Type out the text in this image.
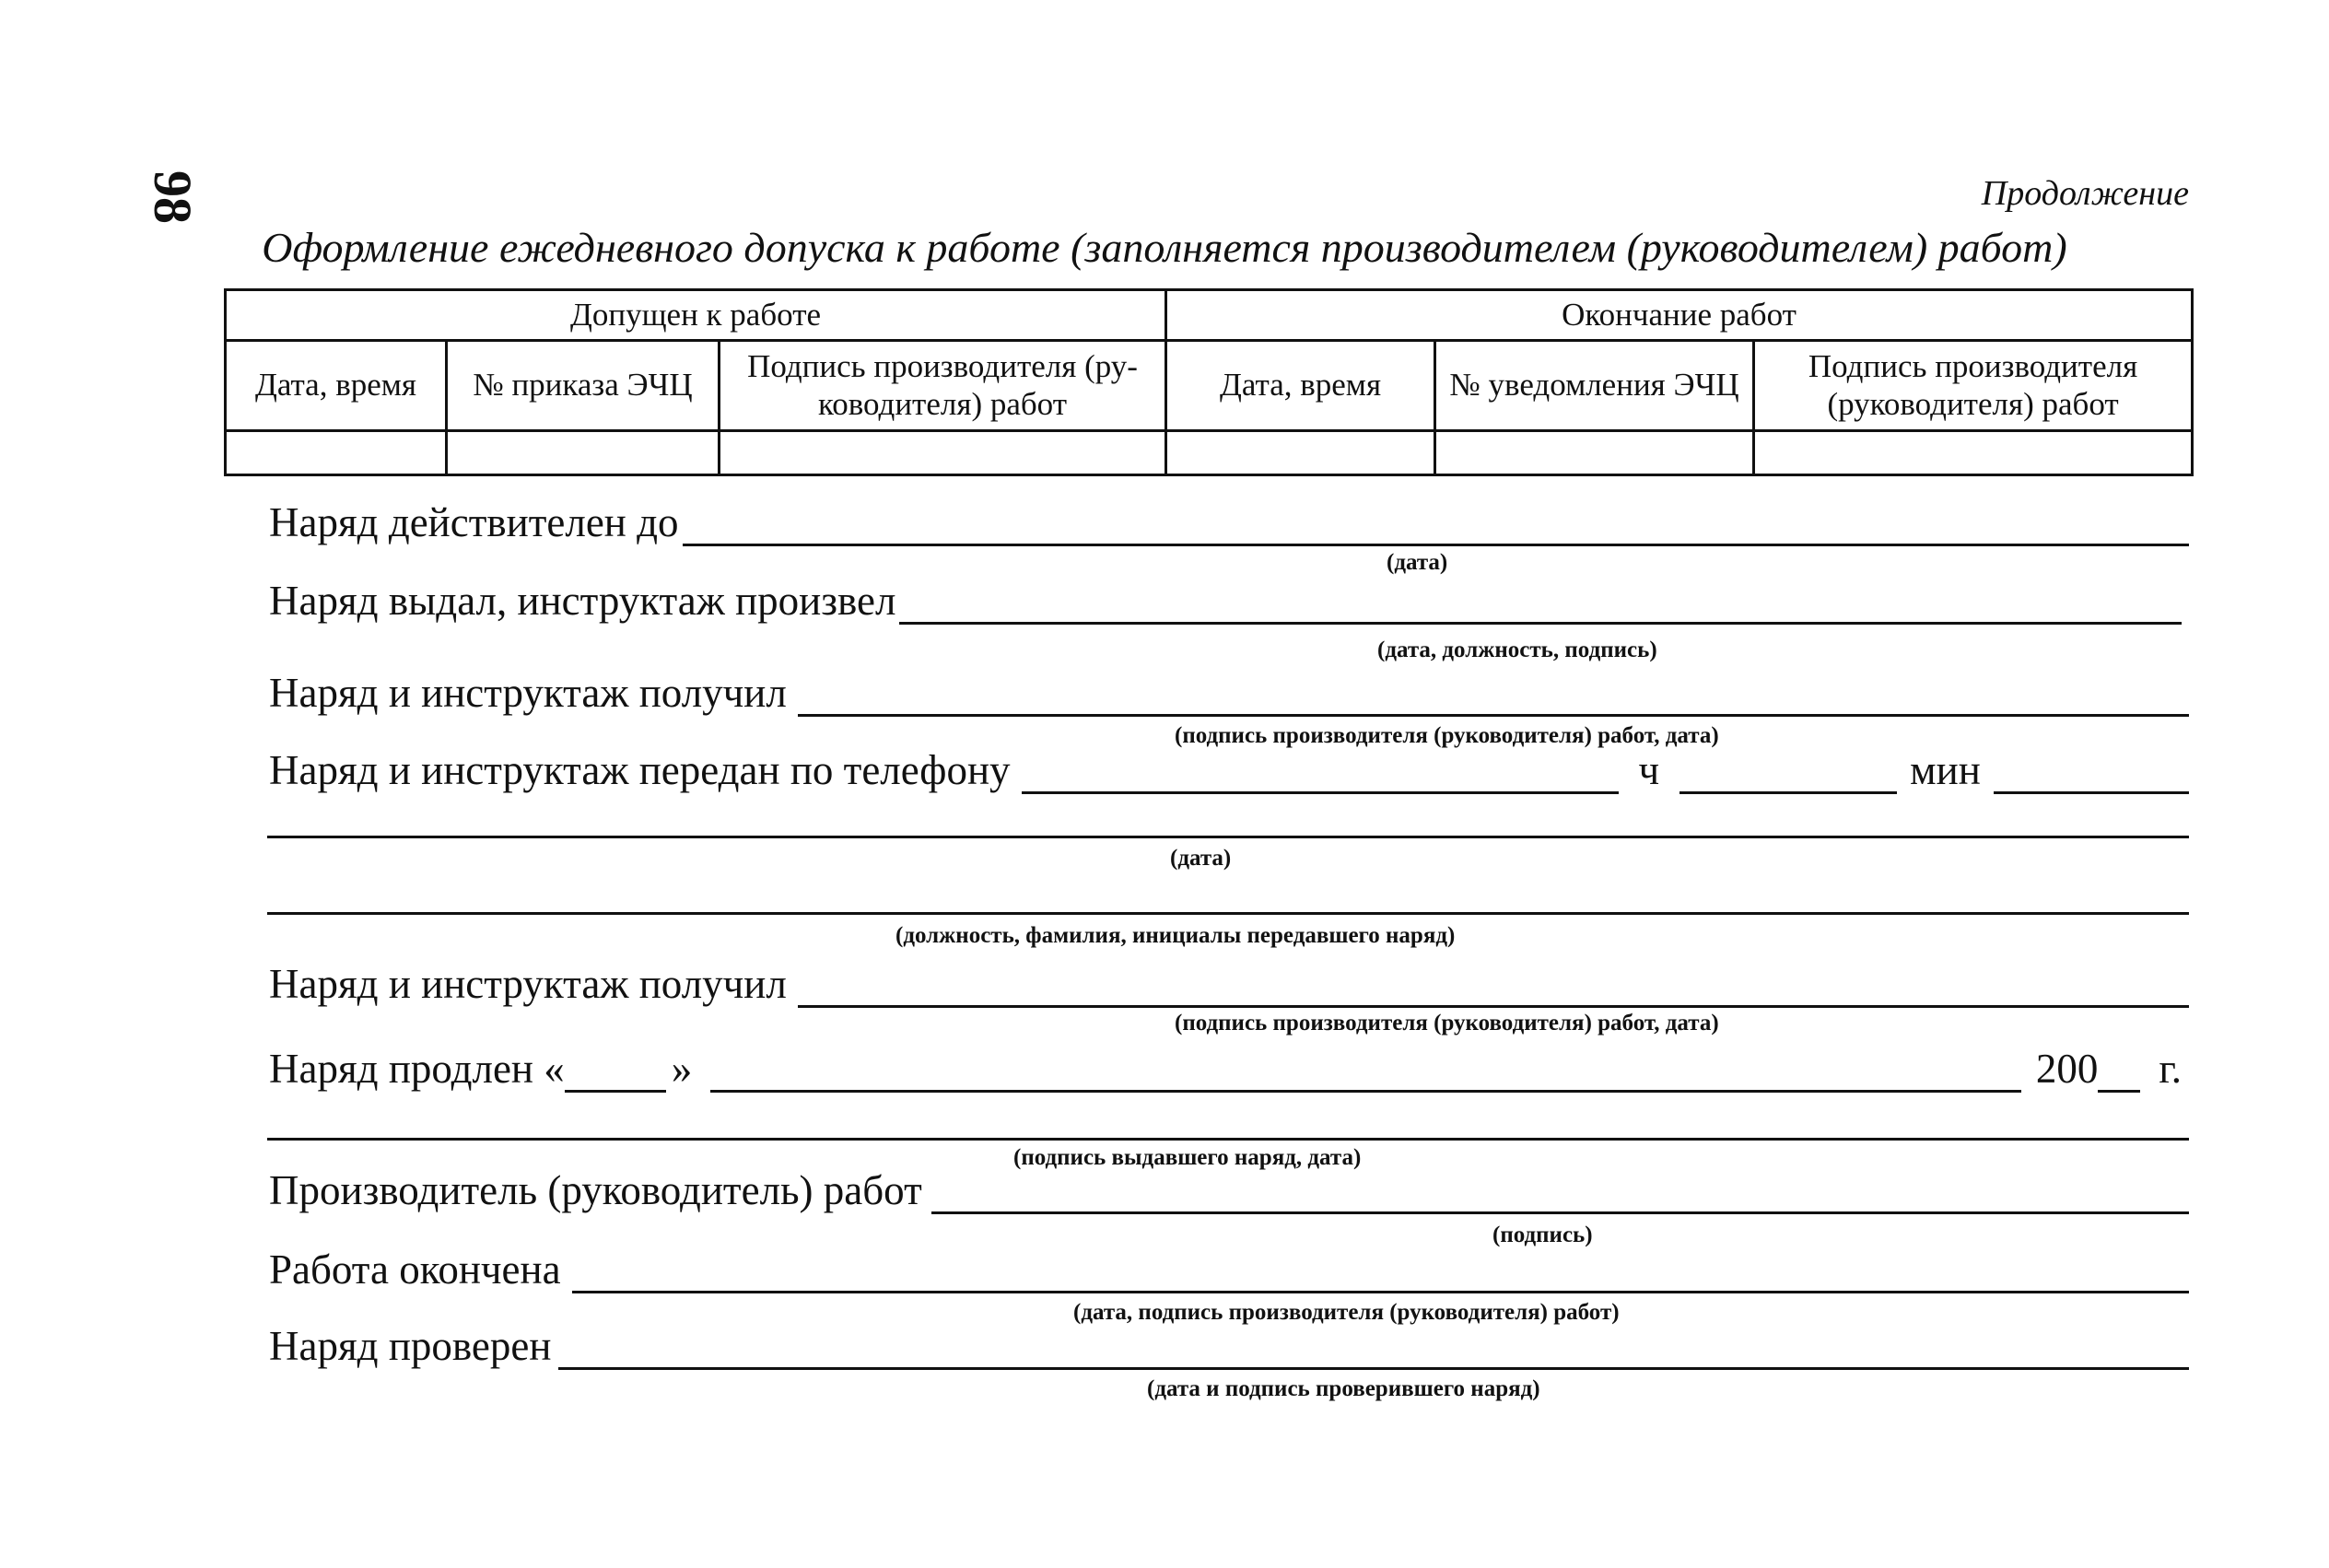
98	Продолжение
Оформление ежедневного допуска к работе (заполняется производителем (руководителем) работ)
Допущен к работе			Окончание работ		
Дата, время	№ приказа ЭЧЦ	Подпись производителя (ру-ководителя) работ	Дата, время	№ уведомления ЭЧЦ	Подпись производителя (руководителя) работ

Наряд действителен до
(дата)
Наряд выдал, инструктаж произвел
(дата, должность, подпись)
Наряд и инструктаж получил
(подпись производителя (руководителя) работ, дата)
Наряд и инструктаж передан по телефону	ч	мин
(дата)
(должность, фамилия, инициалы передавшего наряд)
Наряд и инструктаж получил
(подпись производителя (руководителя) работ, дата)
Наряд продлен «	»	200	г.
(подпись выдавшего наряд, дата)
Производитель (руководитель) работ
(подпись)
Работа окончена
(дата, подпись производителя (руководителя) работ)
Наряд проверен
(дата и подпись проверившего наряд)
